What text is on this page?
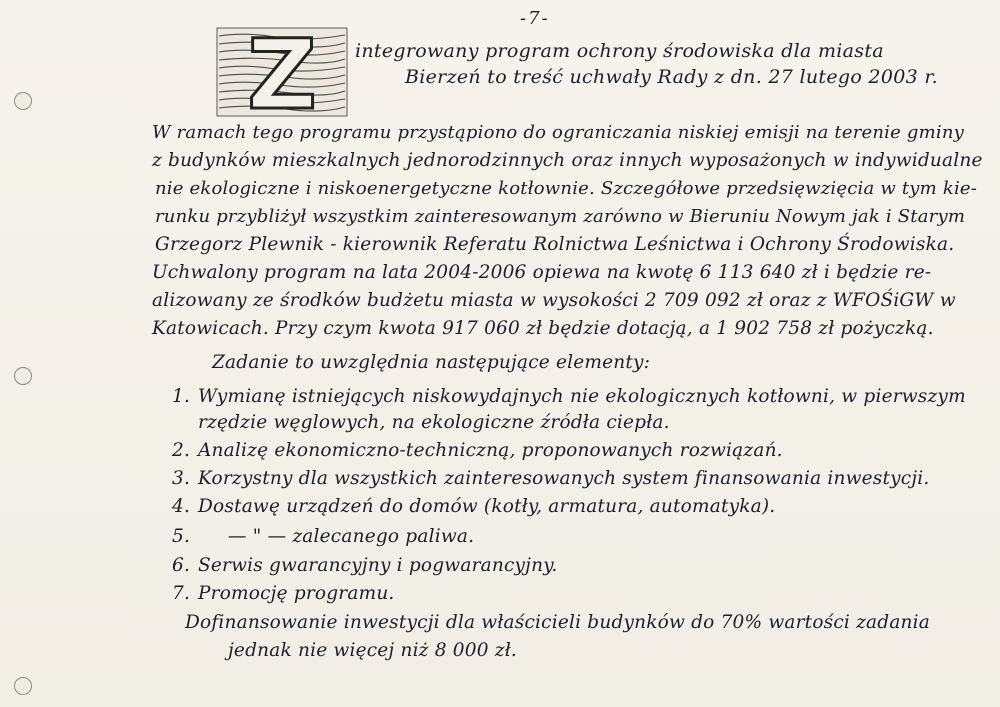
-7-
Z integrowany program ochrony środowiska dla miasta
Bierzeń to treść uchwały Rady z dn. 27 lutego 2003 r.
W ramach tego programu przystąpiono do ograniczania niskiej emisji na terenie gminy
z budynków mieszkalnych jednorodzinnych oraz innych wyposażonych w indywidualne
nie ekologiczne i niskoenergetyczne kotłownie. Szczegółowe przedsięwzięcia w tym kie-
runku przybliżył wszystkim zainteresowanym zarówno w Bieruniu Nowym jak i Starym
Grzegorz Plewnik - kierownik Referatu Rolnictwa Leśnictwa i Ochrony Środowiska.
Uchwalony program na lata 2004-2006 opiewa na kwotę 6 113 640 zł i będzie re-
alizowany ze środków budżetu miasta w wysokości 2 709 092 zł oraz z WFOŚiGW w
Katowicach. Przy czym kwota 917 060 zł będzie dotacją, a 1 902 758 zł pożyczką.
Zadanie to uwzględnia następujące elementy:
1. Wymianę istniejących niskowydajnych nie ekologicznych kotłowni, w pierwszym
rzędzie węglowych, na ekologiczne źródła ciepła.
2. Analizę ekonomiczno-techniczną, proponowanych rozwiązań.
3. Korzystny dla wszystkich zainteresowanych system finansowania inwestycji.
4. Dostawę urządzeń do domów (kotły, armatura, automatyka).
5. — " — zalecanego paliwa.
6. Serwis gwarancyjny i pogwarancyjny.
7. Promocję programu.
Dofinansowanie inwestycji dla właścicieli budynków do 70% wartości zadania
jednak nie więcej niż 8 000 zł.
